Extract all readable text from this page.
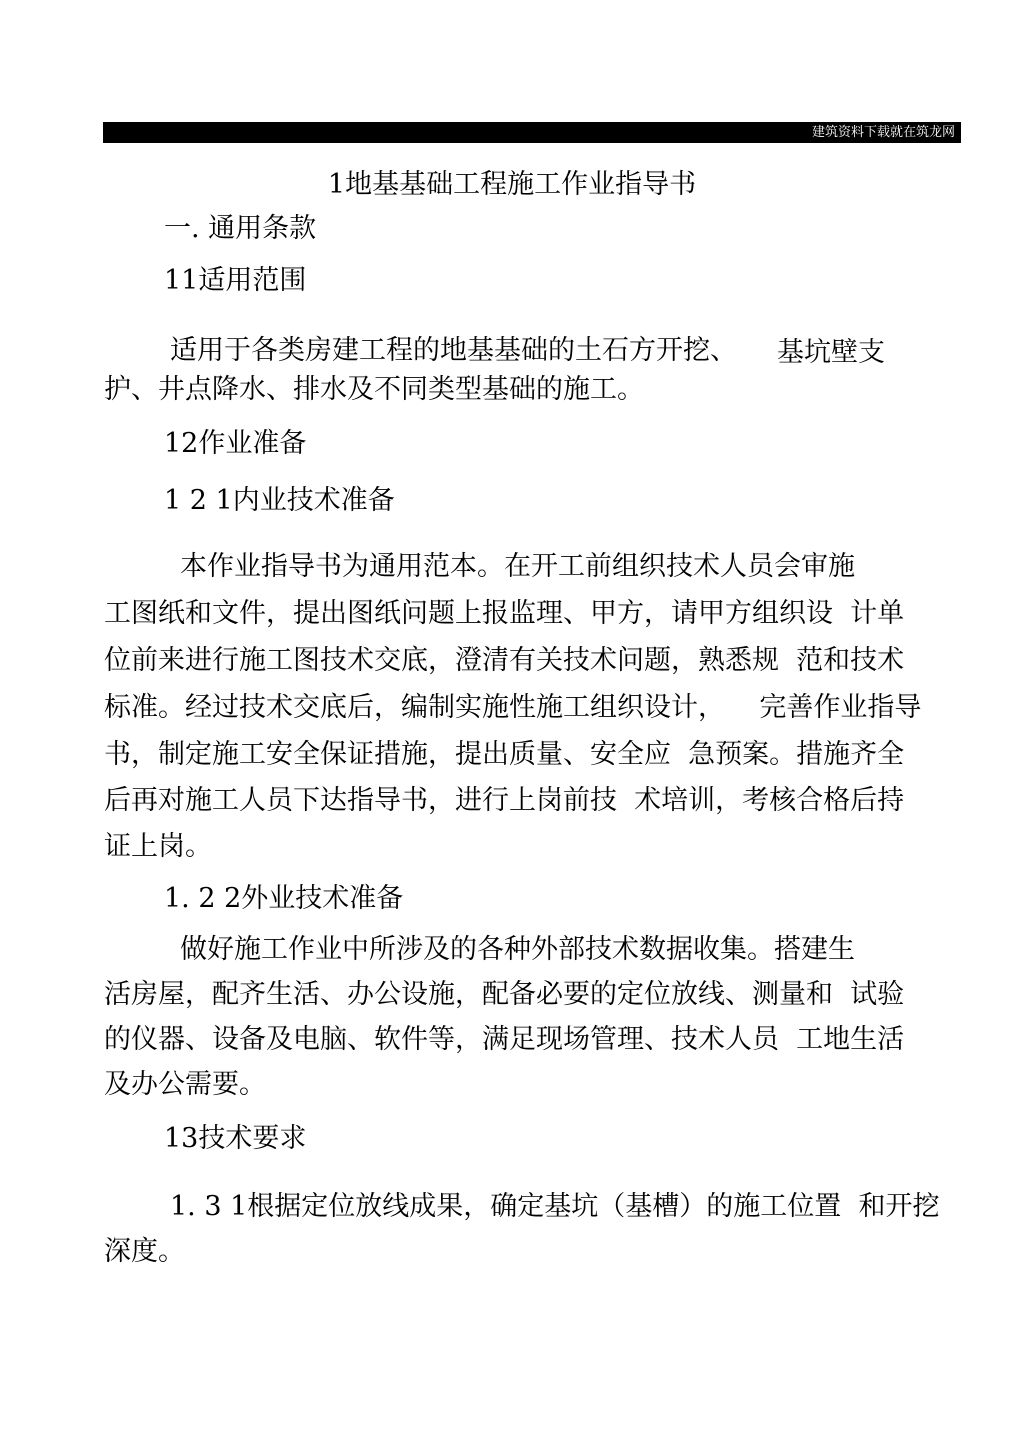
建筑资料下载就在筑龙网
1地基基础工程施工作业指导书
一. 通用条款
11适用范围
适用于各类房建工程的地基基础的土石方开挖、 基坑壁支
护、井点降水、排水及不同类型基础的施工。
12作业准备
1 2 1内业技术准备
本作业指导书为通用范本。在开工前组织技术人员会审施
工图纸和文件，提出图纸问题上报监理、甲方，请甲方组织设  计单
位前来进行施工图技术交底，澄清有关技术问题，熟悉规  范和技术
标准。经过技术交底后，编制实施性施工组织设计，    完善作业指导
书，制定施工安全保证措施，提出质量、安全应  急预案。措施齐全
后再对施工人员下达指导书，进行上岗前技  术培训，考核合格后持
证上岗。
1. 2 2外业技术准备
做好施工作业中所涉及的各种外部技术数据收集。搭建生
活房屋，配齐生活、办公设施，配备必要的定位放线、测量和  试验
的仪器、设备及电脑、软件等，满足现场管理、技术人员  工地生活
及办公需要。
13技术要求
1. 3 1根据定位放线成果，确定基坑（基槽）的施工位置  和开挖
深度。
